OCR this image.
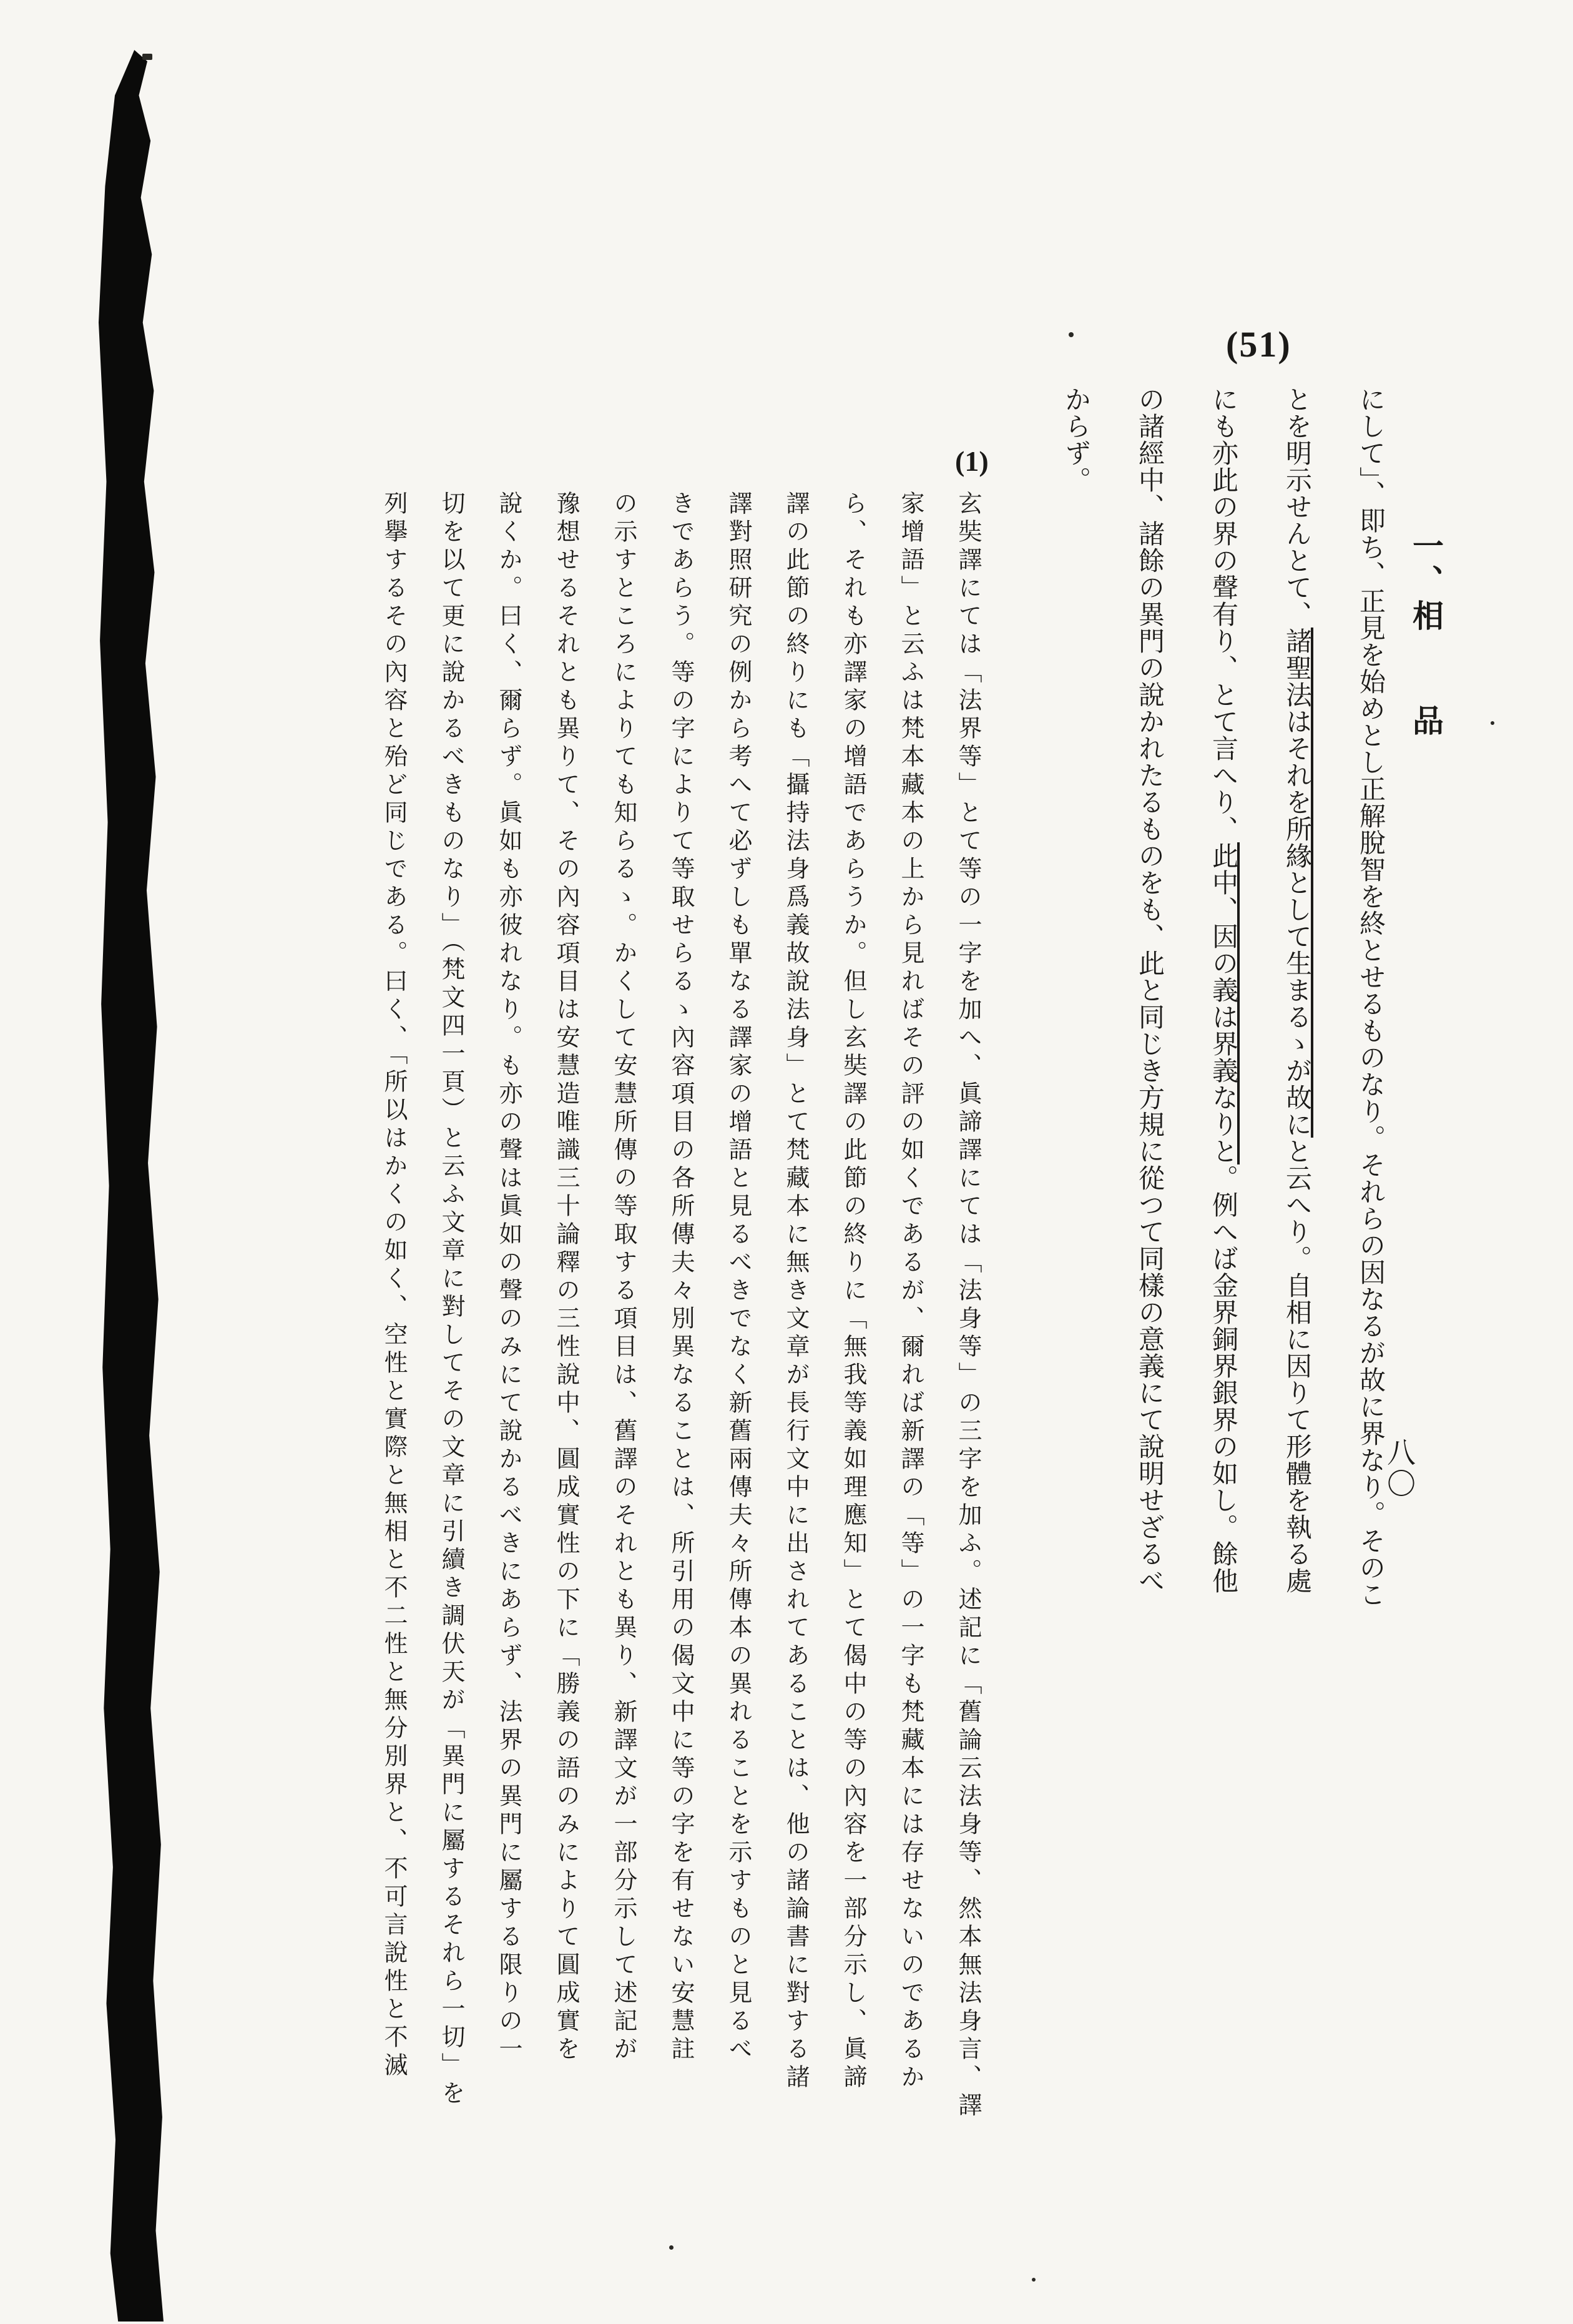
(51)
一、相　　品
八〇
にして」、即ち、正見を始めとし正解脫智を終とせるものなり。それらの因なるが故に界なり。そのこ
とを明示せんとて、諸聖法はそれを所緣として生まるゝが故にと云へり。自相に因りて形體を執る處
にも亦此の界の聲有り、とて言へり、此中、因の義は界義なりと。例へば金界銅界銀界の如し。餘他
の諸經中、諸餘の異門の說かれたるものをも、此と同じき方規に從つて同樣の意義にて說明せざるべ
からず。
(1)
玄奘譯にては「法界等」とて等の一字を加へ、眞諦譯にては「法身等」の三字を加ふ。述記に「舊論云法身等、然本無法身言、譯
家增語」と云ふは梵本藏本の上から見ればその評の如くであるが、爾れば新譯の「等」の一字も梵藏本には存せないのであるか
ら、それも亦譯家の增語であらうか。但し玄奘譯の此節の終りに「無我等義如理應知」とて偈中の等の內容を一部分示し、眞諦
譯の此節の終りにも「攝持法身爲義故說法身」とて梵藏本に無き文章が長行文中に出されてあることは、他の諸論書に對する諸
譯對照研究の例から考へて必ずしも單なる譯家の增語と見るべきでなく新舊兩傳夫々所傳本の異れることを示すものと見るべ
きであらう。等の字によりて等取せらるゝ內容項目の各所傳夫々別異なることは、所引用の偈文中に等の字を有せない安慧註
の示すところによりても知らるゝ。かくして安慧所傳の等取する項目は、舊譯のそれとも異り、新譯文が一部分示して述記が
豫想せるそれとも異りて、その內容項目は安慧造唯識三十論釋の三性說中、圓成實性の下に「勝義の語のみによりて圓成實を
說くか。曰く、爾らず。眞如も亦彼れなり。も亦の聲は眞如の聲のみにて說かるべきにあらず、法界の異門に屬する限りの一
切を以て更に說かるべきものなり」（梵文四一頁）と云ふ文章に對してその文章に引續き調伏天が「異門に屬するそれら一切」を
列擧するその內容と殆ど同じである。曰く、「所以はかくの如く、空性と實際と無相と不二性と無分別界と、不可言說性と不滅
